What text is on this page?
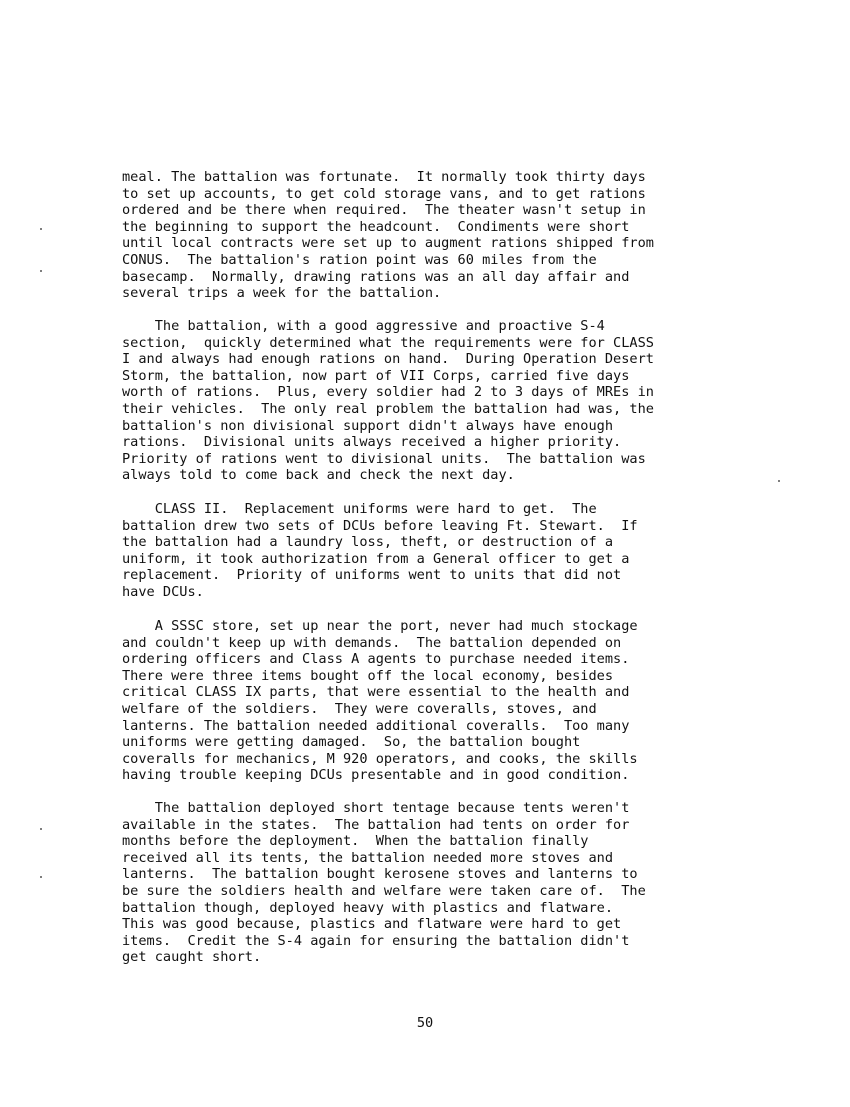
meal. The battalion was fortunate.  It normally took thirty days
to set up accounts, to get cold storage vans, and to get rations
ordered and be there when required.  The theater wasn't setup in
the beginning to support the headcount.  Condiments were short
until local contracts were set up to augment rations shipped from
CONUS.  The battalion's ration point was 60 miles from the
basecamp.  Normally, drawing rations was an all day affair and
several trips a week for the battalion.
The battalion, with a good aggressive and proactive S-4
section,  quickly determined what the requirements were for CLASS
I and always had enough rations on hand.  During Operation Desert
Storm, the battalion, now part of VII Corps, carried five days
worth of rations.  Plus, every soldier had 2 to 3 days of MREs in
their vehicles.  The only real problem the battalion had was, the
battalion's non divisional support didn't always have enough
rations.  Divisional units always received a higher priority.
Priority of rations went to divisional units.  The battalion was
always told to come back and check the next day.
CLASS II.  Replacement uniforms were hard to get.  The
battalion drew two sets of DCUs before leaving Ft. Stewart.  If
the battalion had a laundry loss, theft, or destruction of a
uniform, it took authorization from a General officer to get a
replacement.  Priority of uniforms went to units that did not
have DCUs.
A SSSC store, set up near the port, never had much stockage
and couldn't keep up with demands.  The battalion depended on
ordering officers and Class A agents to purchase needed items.
There were three items bought off the local economy, besides
critical CLASS IX parts, that were essential to the health and
welfare of the soldiers.  They were coveralls, stoves, and
lanterns. The battalion needed additional coveralls.  Too many
uniforms were getting damaged.  So, the battalion bought
coveralls for mechanics, M 920 operators, and cooks, the skills
having trouble keeping DCUs presentable and in good condition.
The battalion deployed short tentage because tents weren't
available in the states.  The battalion had tents on order for
months before the deployment.  When the battalion finally
received all its tents, the battalion needed more stoves and
lanterns.  The battalion bought kerosene stoves and lanterns to
be sure the soldiers health and welfare were taken care of.  The
battalion though, deployed heavy with plastics and flatware.
This was good because, plastics and flatware were hard to get
items.  Credit the S-4 again for ensuring the battalion didn't
get caught short.
50
